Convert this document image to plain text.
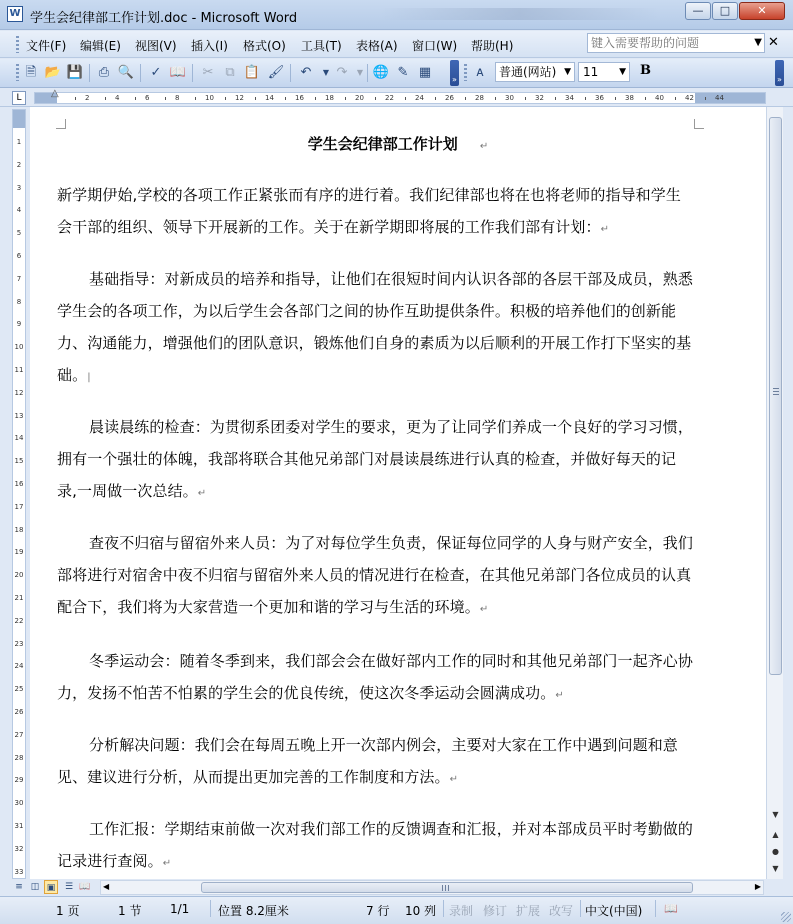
W 学生会纪律部工作计划.doc - Microsoft Word
—	□	✕
文件(F) 编辑(E) 视图(V) 插入(I) 格式(O) 工具(T) 表格(A) 窗口(W) 帮助(H)
键入需要帮助的问题	▼ ✕
🗎 📂 💾	⎙ 🔍	✓ 📖	✂ ⧉ 📋 🖌	↶	▼ ↷	▼ 🌐 ✎ ▦	»	ᴀ	»
普通(网站) ▼	11 ▼ B
L	2	4	6	8	10	12	14	16	18	20	22	24	26	28	30	32	34	36	38	40	42	44
△
1
2
3
4
5
6
7
8
9
10
11
12
13
14
15
16
17
18
19
20
21
22
23
24
25
26
27
28
29
30
31
32
33
学生会纪律部工作计划 ↵
新学期伊始,学校的各项工作正紧张而有序的进行着。我们纪律部也将在也将老师的指导和学生会干部的组织、领导下开展新的工作。关于在新学期即将展的工作我们部有计划：↵
基础指导：对新成员的培养和指导，让他们在很短时间内认识各部的各层干部及成员，熟悉学生会的各项工作，为以后学生会各部门之间的协作互助提供条件。积极的培养他们的创新能力、沟通能力，增强他们的团队意识，锻炼他们自身的素质为以后顺利的开展工作打下坚实的基础。|
晨读晨练的检查：为贯彻系团委对学生的要求，更为了让同学们养成一个良好的学习习惯，拥有一个强壮的体魄，我部将联合其他兄弟部门对晨读晨练进行认真的检查，并做好每天的记录,一周做一次总结。↵
查夜不归宿与留宿外来人员：为了对每位学生负责，保证每位同学的人身与财产安全，我们部将进行对宿舍中夜不归宿与留宿外来人员的情况进行在检查，在其他兄弟部门各位成员的认真配合下，我们将为大家营造一个更加和谐的学习与生活的环境。↵
冬季运动会：随着冬季到来，我们部会会在做好部内工作的同时和其他兄弟部门一起齐心协力，发扬不怕苦不怕累的学生会的优良传统，使这次冬季运动会圆满成功。↵
分析解决问题：我们会在每周五晚上开一次部内例会，主要对大家在工作中遇到问题和意见、建议进行分析，从而提出更加完善的工作制度和方法。↵
工作汇报：学期结束前做一次对我们部工作的反馈调查和汇报，并对本部成员平时考勤做的记录进行查阅。↵
▼
▲
●
▼
≡ ◫ ▣	☰ 📖 ◀	▶
1 页	1 节 1/1 位置 8.2厘米	7 行 10 列 录制 修订 扩展 改写 中文(中国) 📖
